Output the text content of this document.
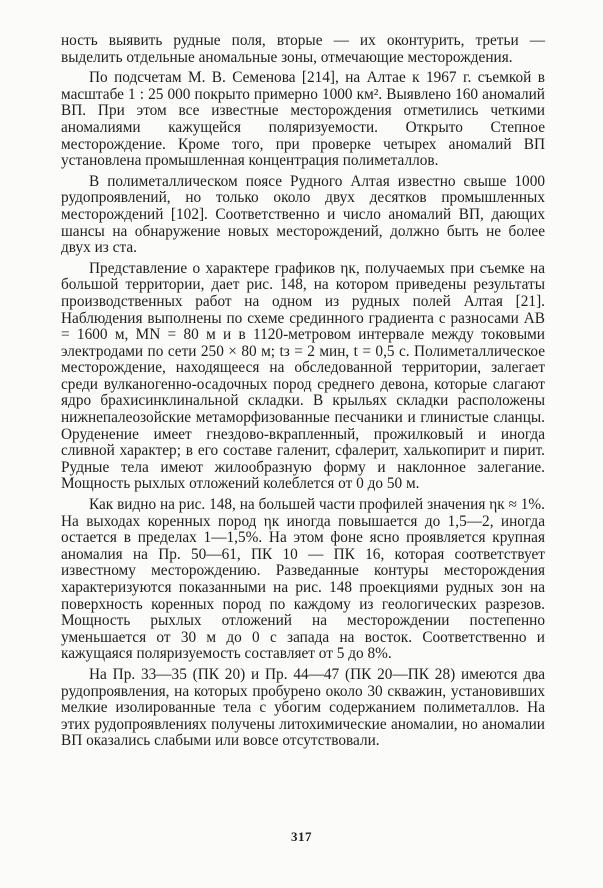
ность выявить рудные поля, вторые — их оконтурить, третьи — выделить отдельные аномальные зоны, отмечающие месторождения.

По подсчетам М. В. Семенова [214], на Алтае к 1967 г. съемкой в масштабе 1 : 25 000 покрыто примерно 1000 км². Выявлено 160 аномалий ВП. При этом все известные месторождения отметились четкими аномалиями кажущейся поляризуемости. Открыто Степное месторождение. Кроме того, при проверке четырех аномалий ВП установлена промышленная концентрация полиметаллов.

В полиметаллическом поясе Рудного Алтая известно свыше 1000 рудопроявлений, но только около двух десятков промышленных месторождений [102]. Соответственно и число аномалий ВП, дающих шансы на обнаружение новых месторождений, должно быть не более двух из ста.

Представление о характере графиков ηк, получаемых при съемке на большой территории, дает рис. 148, на котором приведены результаты производственных работ на одном из рудных полей Алтая [21]. Наблюдения выполнены по схеме срединного градиента с разносами AB = 1600 м, MN = 80 м и в 1120-метровом интервале между токовыми электродами по сети 250 × 80 м; tз = 2 мин, t = 0,5 с. Полиметаллическое месторождение, находящееся на обследованной территории, залегает среди вулканогенно-осадочных пород среднего девона, которые слагают ядро брахисинклинальной складки. В крыльях складки расположены нижнепалеозойские метаморфизованные песчаники и глинистые сланцы. Оруденение имеет гнездово-вкрапленный, прожилковый и иногда сливной характер; в его составе галенит, сфалерит, халькопирит и пирит. Рудные тела имеют жилообразную форму и наклонное залегание. Мощность рыхлых отложений колеблется от 0 до 50 м.

Как видно на рис. 148, на большей части профилей значения ηк ≈ 1%. На выходах коренных пород ηк иногда повышается до 1,5—2, иногда остается в пределах 1—1,5%. На этом фоне ясно проявляется крупная аномалия на Пр. 50—61, ПК 10 — ПК 16, которая соответствует известному месторождению. Разведанные контуры месторождения характеризуются показанными на рис. 148 проекциями рудных зон на поверхность коренных пород по каждому из геологических разрезов. Мощность рыхлых отложений на месторождении постепенно уменьшается от 30 м до 0 с запада на восток. Соответственно и кажущаяся поляризуемость составляет от 5 до 8%.

На Пр. 33—35 (ПК 20) и Пр. 44—47 (ПК 20—ПК 28) имеются два рудопроявления, на которых пробурено около 30 скважин, установивших мелкие изолированные тела с убогим содержанием полиметаллов. На этих рудопроявлениях получены литохимические аномалии, но аномалии ВП оказались слабыми или вовсе отсутствовали.

317
